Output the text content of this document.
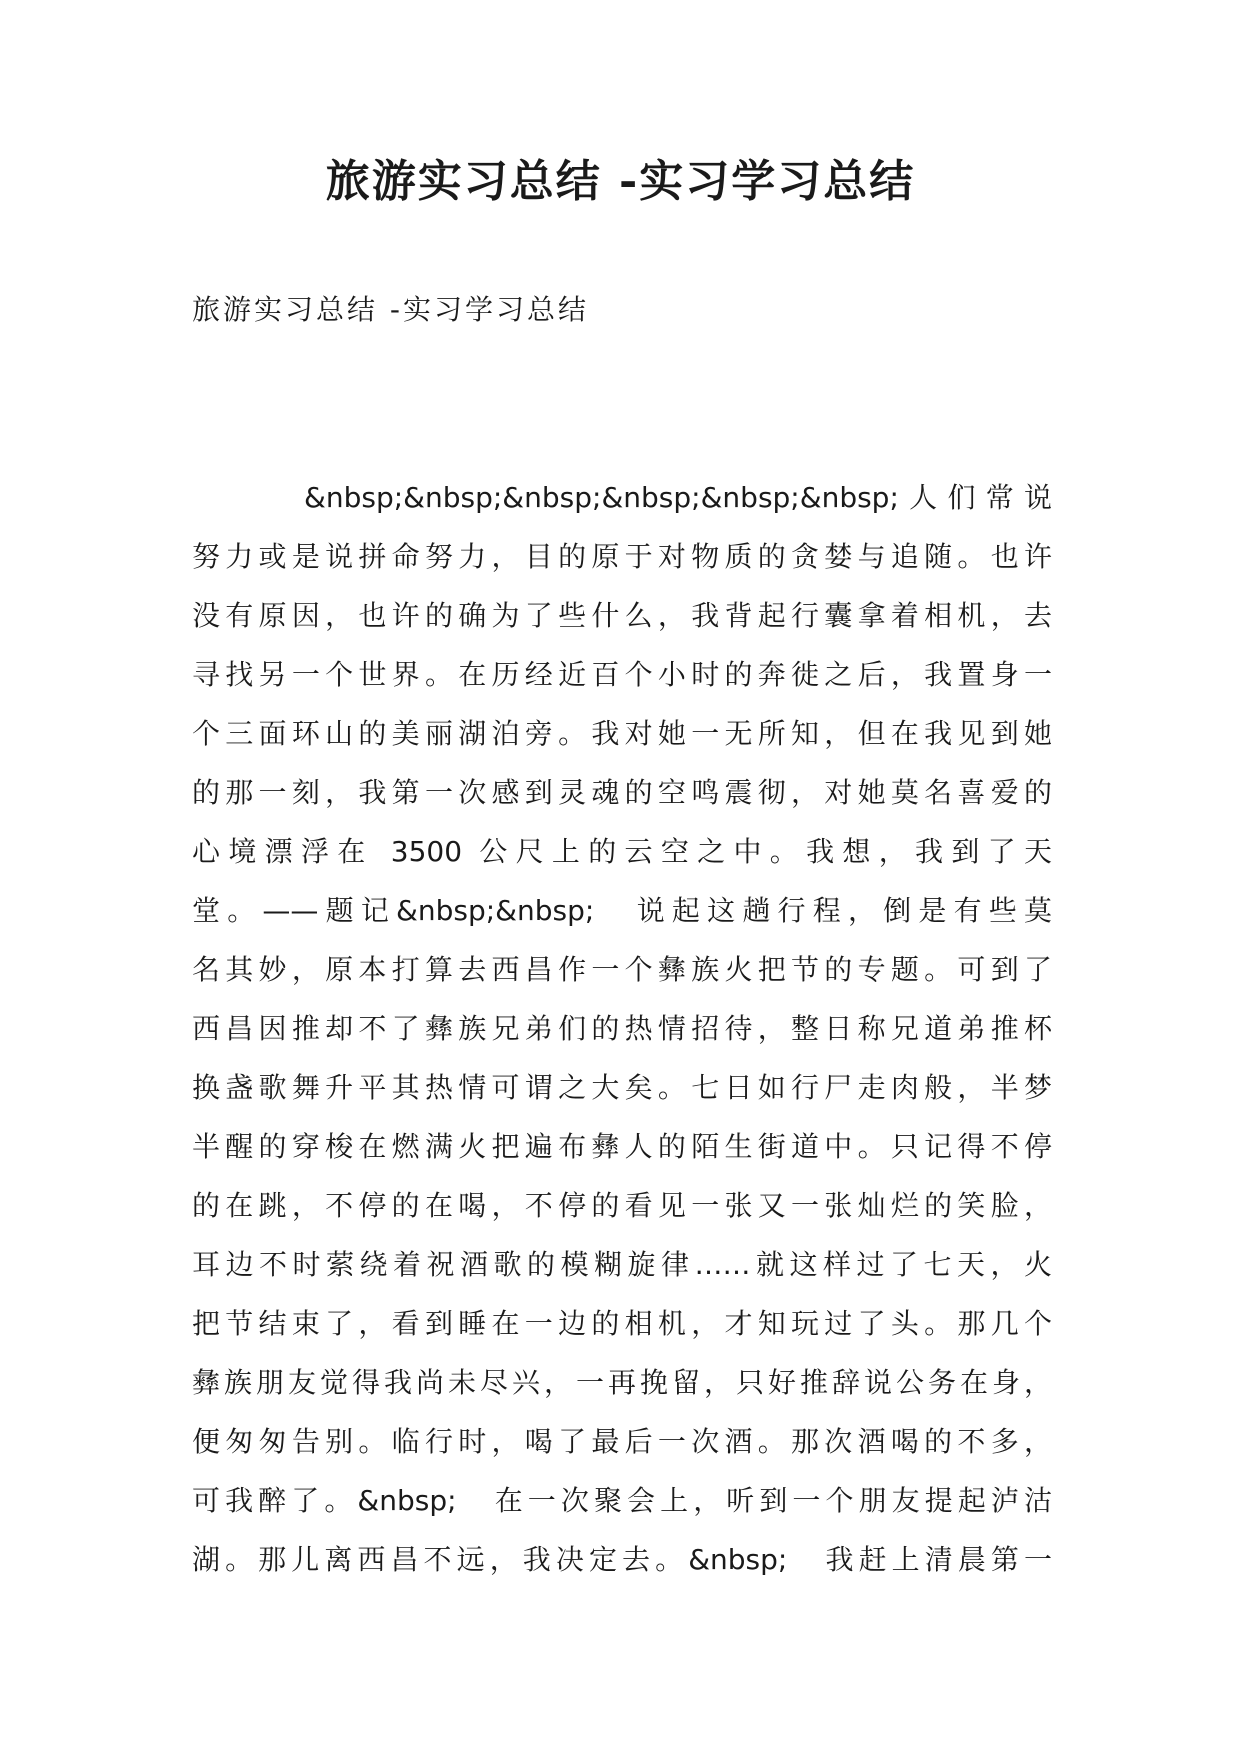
旅游实习总结 -实习学习总结

旅游实习总结 -实习学习总结

&nbsp;&nbsp;&nbsp;&nbsp;&nbsp;&nbsp;人们常说
努力或是说拼命努力，目的原于对物质的贪婪与追随。也许
没有原因，也许的确为了些什么，我背起行囊拿着相机，去
寻找另一个世界。在历经近百个小时的奔徙之后，我置身一
个三面环山的美丽湖泊旁。我对她一无所知，但在我见到她
的那一刻，我第一次感到灵魂的空鸣震彻，对她莫名喜爱的
心境漂浮在 3500 公尺上的云空之中。我想，我到了天
堂。——题记&nbsp;&nbsp;　说起这趟行程，倒是有些莫
名其妙，原本打算去西昌作一个彝族火把节的专题。可到了
西昌因推却不了彝族兄弟们的热情招待，整日称兄道弟推杯
换盏歌舞升平其热情可谓之大矣。七日如行尸走肉般，半梦
半醒的穿梭在燃满火把遍布彝人的陌生街道中。只记得不停
的在跳，不停的在喝，不停的看见一张又一张灿烂的笑脸，
耳边不时萦绕着祝酒歌的模糊旋律……就这样过了七天，火
把节结束了，看到睡在一边的相机，才知玩过了头。那几个
彝族朋友觉得我尚未尽兴，一再挽留，只好推辞说公务在身，
便匆匆告别。临行时，喝了最后一次酒。那次酒喝的不多，
可我醉了。&nbsp;　在一次聚会上，听到一个朋友提起泸沽
湖。那儿离西昌不远，我决定去。&nbsp;　我赶上清晨第一
